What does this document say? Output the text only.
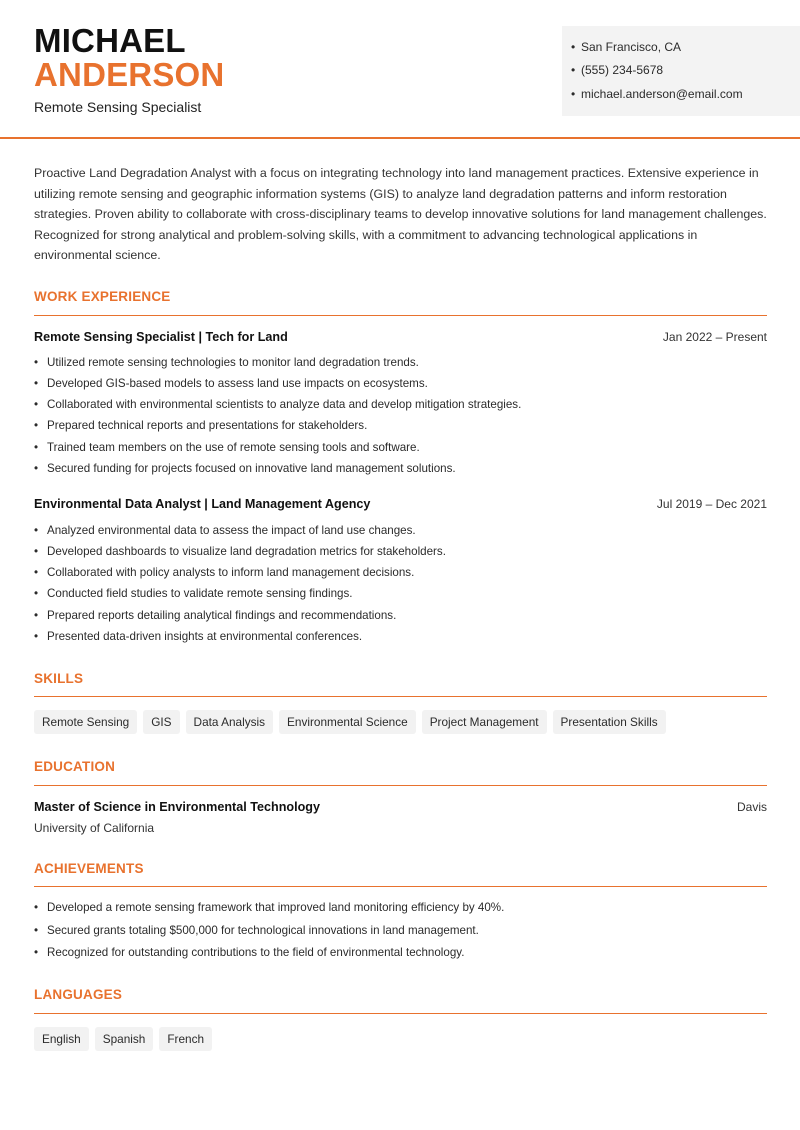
MICHAEL
ANDERSON
Remote Sensing Specialist
• San Francisco, CA
• (555) 234-5678
• michael.anderson@email.com
Proactive Land Degradation Analyst with a focus on integrating technology into land management practices. Extensive experience in utilizing remote sensing and geographic information systems (GIS) to analyze land degradation patterns and inform restoration strategies. Proven ability to collaborate with cross-disciplinary teams to develop innovative solutions for land management challenges. Recognized for strong analytical and problem-solving skills, with a commitment to advancing technological applications in environmental science.
WORK EXPERIENCE
Remote Sensing Specialist | Tech for Land	Jan 2022 – Present
• Utilized remote sensing technologies to monitor land degradation trends.
• Developed GIS-based models to assess land use impacts on ecosystems.
• Collaborated with environmental scientists to analyze data and develop mitigation strategies.
• Prepared technical reports and presentations for stakeholders.
• Trained team members on the use of remote sensing tools and software.
• Secured funding for projects focused on innovative land management solutions.
Environmental Data Analyst | Land Management Agency	Jul 2019 – Dec 2021
• Analyzed environmental data to assess the impact of land use changes.
• Developed dashboards to visualize land degradation metrics for stakeholders.
• Collaborated with policy analysts to inform land management decisions.
• Conducted field studies to validate remote sensing findings.
• Prepared reports detailing analytical findings and recommendations.
• Presented data-driven insights at environmental conferences.
SKILLS
Remote Sensing	GIS	Data Analysis	Environmental Science	Project Management	Presentation Skills
EDUCATION
Master of Science in Environmental Technology	Davis
University of California
ACHIEVEMENTS
• Developed a remote sensing framework that improved land monitoring efficiency by 40%.
• Secured grants totaling $500,000 for technological innovations in land management.
• Recognized for outstanding contributions to the field of environmental technology.
LANGUAGES
English	Spanish	French
